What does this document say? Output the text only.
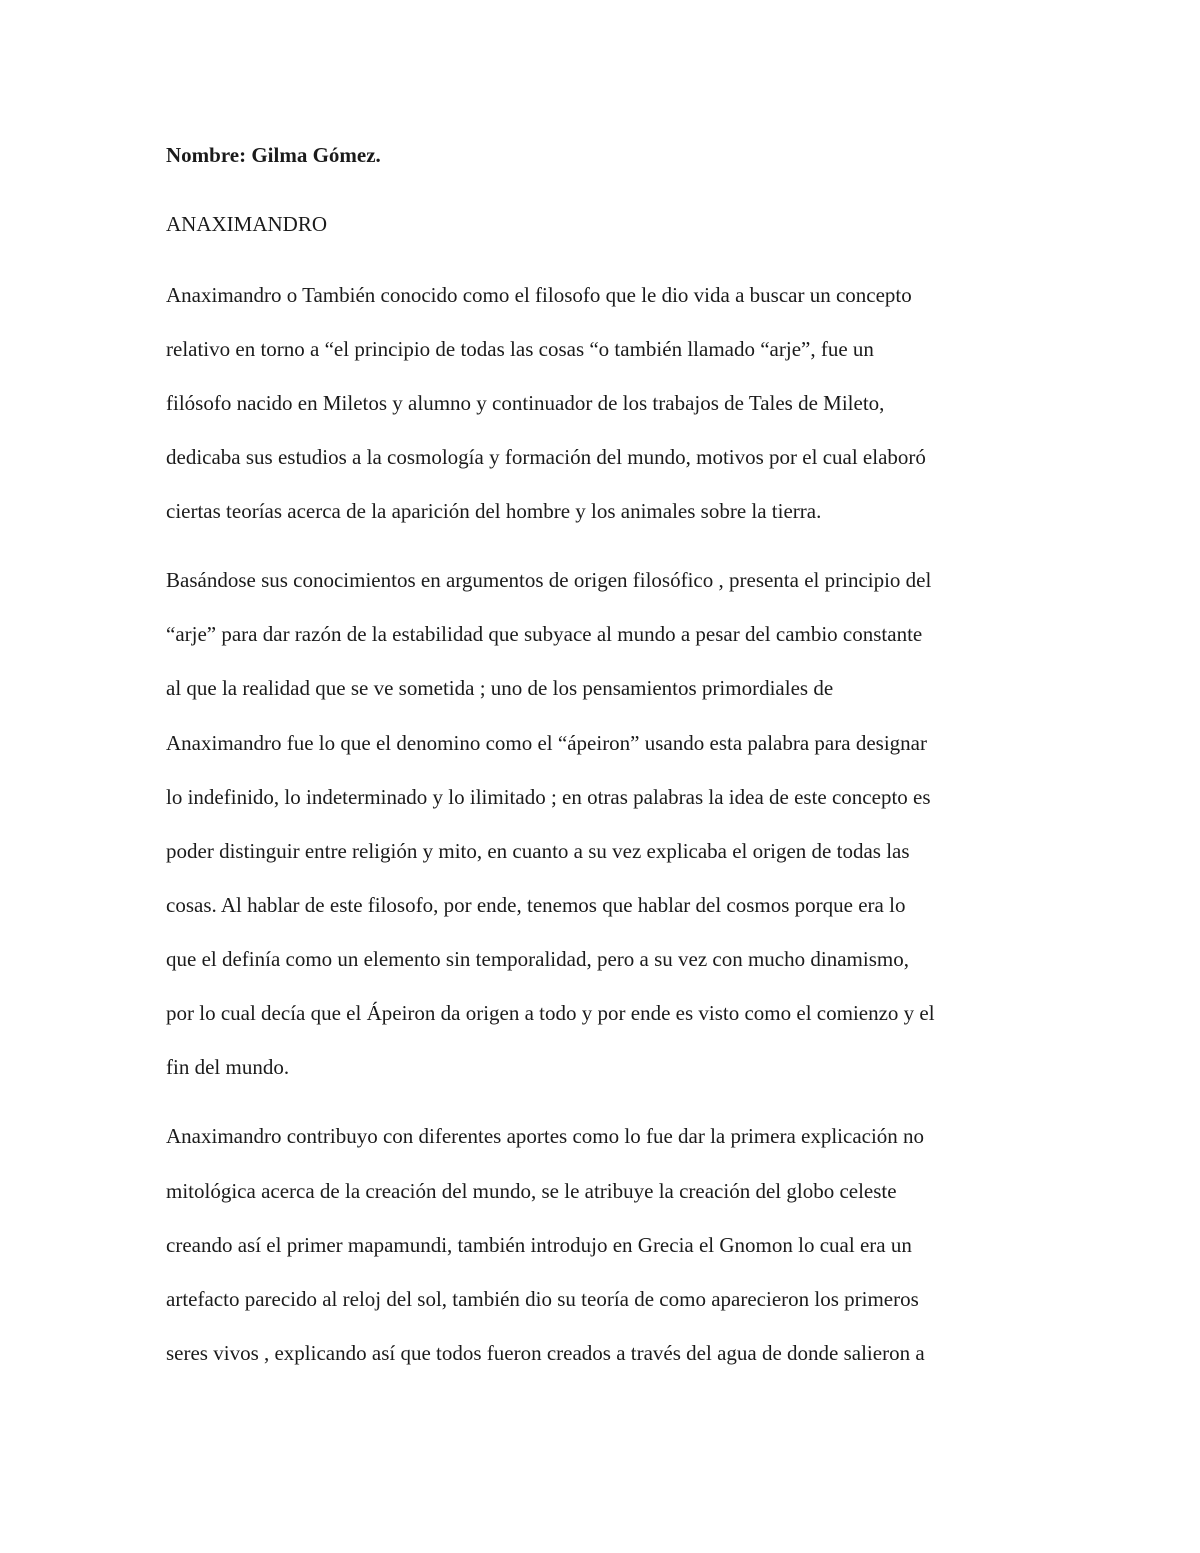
Nombre: Gilma Gómez.

ANAXIMANDRO

Anaximandro o También conocido como el filosofo que le dio vida a buscar un concepto

relativo en torno a “el principio de todas las cosas “o también llamado “arje”, fue un

filósofo nacido en Miletos y alumno y continuador de los trabajos de Tales de Mileto,

dedicaba sus estudios a la cosmología y formación del mundo, motivos por el cual elaboró

ciertas teorías acerca de la aparición del hombre y los animales sobre la tierra.

Basándose sus conocimientos en argumentos de origen filosófico , presenta el principio del

“arje” para dar razón de la estabilidad que subyace al mundo a pesar del cambio constante

al que la realidad que se ve sometida ; uno de los pensamientos primordiales de

Anaximandro fue lo que el denomino como el “ápeiron” usando esta palabra para designar

lo indefinido, lo indeterminado y lo ilimitado ; en otras palabras la idea de este concepto es

poder distinguir entre religión y mito, en cuanto a su vez explicaba el origen de todas las

cosas. Al hablar de este filosofo, por ende, tenemos que hablar del cosmos porque era lo

que el definía como un elemento sin temporalidad, pero a su vez con mucho dinamismo,

por lo cual decía que el Ápeiron da origen a todo y por ende es visto como el comienzo y el

fin del mundo.

Anaximandro contribuyo con diferentes aportes como lo fue dar la primera explicación no

mitológica acerca de la creación del mundo, se le atribuye la creación del globo celeste

creando así el primer mapamundi, también introdujo en Grecia el Gnomon lo cual era un

artefacto parecido al reloj del sol, también dio su teoría de como aparecieron los primeros

seres vivos , explicando así que todos fueron creados a través del agua de donde salieron a
